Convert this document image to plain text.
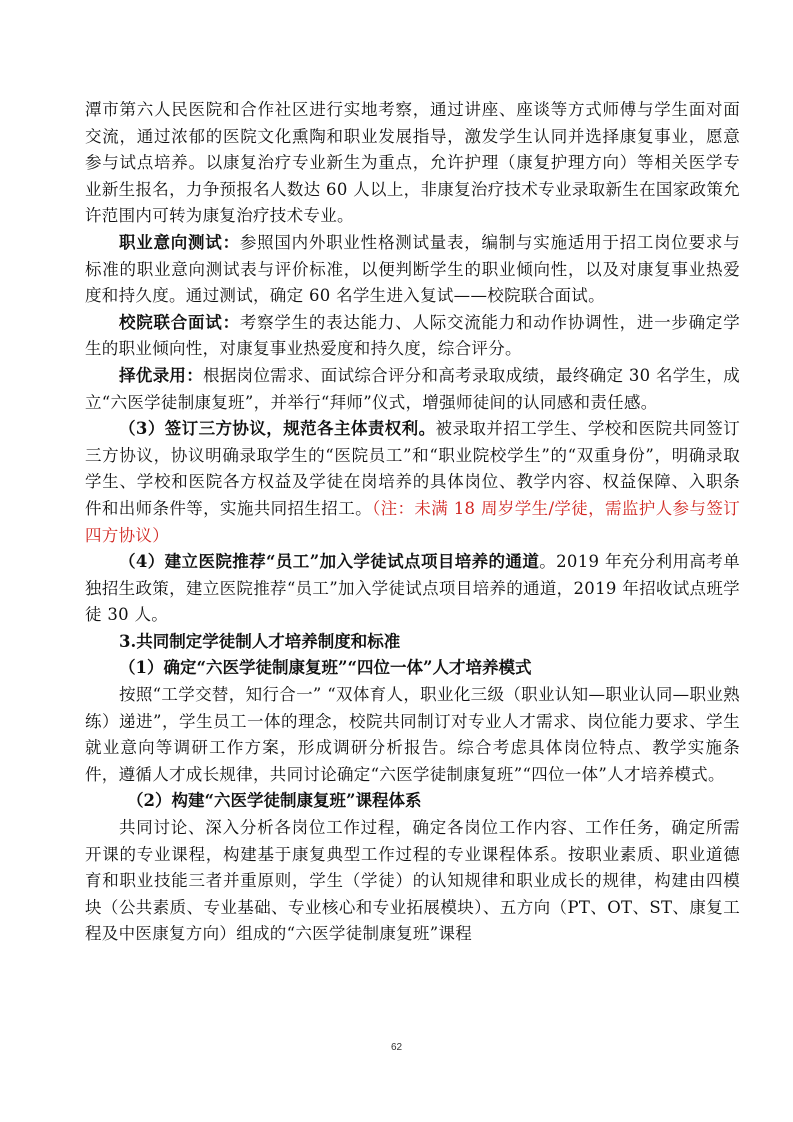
潭市第六人民医院和合作社区进行实地考察，通过讲座、座谈等方式师傅与学生面对面交流，通过浓郁的医院文化熏陶和职业发展指导，激发学生认同并选择康复事业，愿意参与试点培养。以康复治疗专业新生为重点，允许护理（康复护理方向）等相关医学专业新生报名，力争预报名人数达 60 人以上，非康复治疗技术专业录取新生在国家政策允许范围内可转为康复治疗技术专业。

职业意向测试：参照国内外职业性格测试量表，编制与实施适用于招工岗位要求与标准的职业意向测试表与评价标准，以便判断学生的职业倾向性，以及对康复事业热爱度和持久度。通过测试，确定 60 名学生进入复试——校院联合面试。

校院联合面试：考察学生的表达能力、人际交流能力和动作协调性，进一步确定学生的职业倾向性，对康复事业热爱度和持久度，综合评分。

择优录用：根据岗位需求、面试综合评分和高考录取成绩，最终确定 30 名学生，成立“六医学徒制康复班”，并举行“拜师”仪式，增强师徒间的认同感和责任感。

（3）签订三方协议，规范各主体责权利。被录取并招工学生、学校和医院共同签订三方协议，协议明确录取学生的“医院员工”和“职业院校学生”的“双重身份”，明确录取学生、学校和医院各方权益及学徒在岗培养的具体岗位、教学内容、权益保障、入职条件和出师条件等，实施共同招生招工。（注：未满 18 周岁学生/学徒，需监护人参与签订四方协议）

（4）建立医院推荐“员工”加入学徒试点项目培养的通道。2019 年充分利用高考单独招生政策，建立医院推荐“员工”加入学徒试点项目培养的通道，2019 年招收试点班学徒 30 人。

3.共同制定学徒制人才培养制度和标准

（1）确定“六医学徒制康复班”“四位一体”人才培养模式

按照“工学交替，知行合一” “双体育人，职业化三级（职业认知—职业认同—职业熟练）递进”，学生员工一体的理念，校院共同制订对专业人才需求、岗位能力要求、学生就业意向等调研工作方案，形成调研分析报告。综合考虑具体岗位特点、教学实施条件，遵循人才成长规律，共同讨论确定“六医学徒制康复班”“四位一体”人才培养模式。

（2）构建“六医学徒制康复班”课程体系

共同讨论、深入分析各岗位工作过程，确定各岗位工作内容、工作任务，确定所需开课的专业课程，构建基于康复典型工作过程的专业课程体系。按职业素质、职业道德育和职业技能三者并重原则，学生（学徒）的认知规律和职业成长的规律，构建由四模块（公共素质、专业基础、专业核心和专业拓展模块）、五方向（PT、OT、ST、康复工程及中医康复方向）组成的“六医学徒制康复班”课程

62
